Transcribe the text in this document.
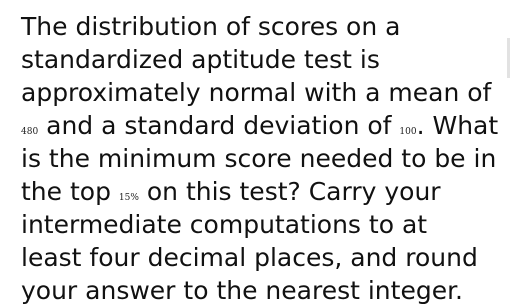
The distribution of scores on a
standardized aptitude test is
approximately normal with a mean of
480 and a standard deviation of 100. What
is the minimum score needed to be in
the top 15% on this test? Carry your
intermediate computations to at
least four decimal places, and round
your answer to the nearest integer.
